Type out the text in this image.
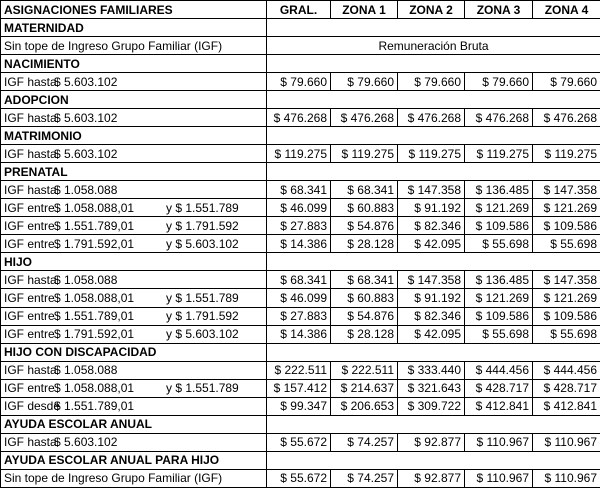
ASIGNACIONES FAMILIARES	GRAL.	ZONA 1	ZONA 2	ZONA 3	ZONA 4
MATERNIDAD					
Sin tope de Ingreso Grupo Familiar (IGF)	Remuneración Bruta				
NACIMIENTO					
IGF hasta$ 5.603.102	$ 79.660	$ 79.660	$ 79.660	$ 79.660	$ 79.660
ADOPCION					
IGF hasta$ 5.603.102	$ 476.268	$ 476.268	$ 476.268	$ 476.268	$ 476.268
MATRIMONIO					
IGF hasta$ 5.603.102	$ 119.275	$ 119.275	$ 119.275	$ 119.275	$ 119.275
PRENATAL					
IGF hasta$ 1.058.088	$ 68.341	$ 68.341	$ 147.358	$ 136.485	$ 147.358
IGF entre$ 1.058.088,01 y $ 1.551.789	$ 46.099	$ 60.883	$ 91.192	$ 121.269	$ 121.269
IGF entre$ 1.551.789,01 y $ 1.791.592	$ 27.883	$ 54.876	$ 82.346	$ 109.586	$ 109.586
IGF entre$ 1.791.592,01 y $ 5.603.102	$ 14.386	$ 28.128	$ 42.095	$ 55.698	$ 55.698
HIJO					
IGF hasta$ 1.058.088	$ 68.341	$ 68.341	$ 147.358	$ 136.485	$ 147.358
IGF entre$ 1.058.088,01 y $ 1.551.789	$ 46.099	$ 60.883	$ 91.192	$ 121.269	$ 121.269
IGF entre$ 1.551.789,01 y $ 1.791.592	$ 27.883	$ 54.876	$ 82.346	$ 109.586	$ 109.586
IGF entre$ 1.791.592,01 y $ 5.603.102	$ 14.386	$ 28.128	$ 42.095	$ 55.698	$ 55.698
HIJO CON DISCAPACIDAD					
IGF hasta$ 1.058.088	$ 222.511	$ 222.511	$ 333.440	$ 444.456	$ 444.456
IGF entre$ 1.058.088,01 y $ 1.551.789	$ 157.412	$ 214.637	$ 321.643	$ 428.717	$ 428.717
IGF desde$ 1.551.789,01	$ 99.347	$ 206.653	$ 309.722	$ 412.841	$ 412.841
AYUDA ESCOLAR ANUAL					
IGF hasta$ 5.603.102	$ 55.672	$ 74.257	$ 92.877	$ 110.967	$ 110.967
AYUDA ESCOLAR ANUAL PARA HIJO					
Sin tope de Ingreso Grupo Familiar (IGF)	$ 55.672	$ 74.257	$ 92.877	$ 110.967	$ 110.967
